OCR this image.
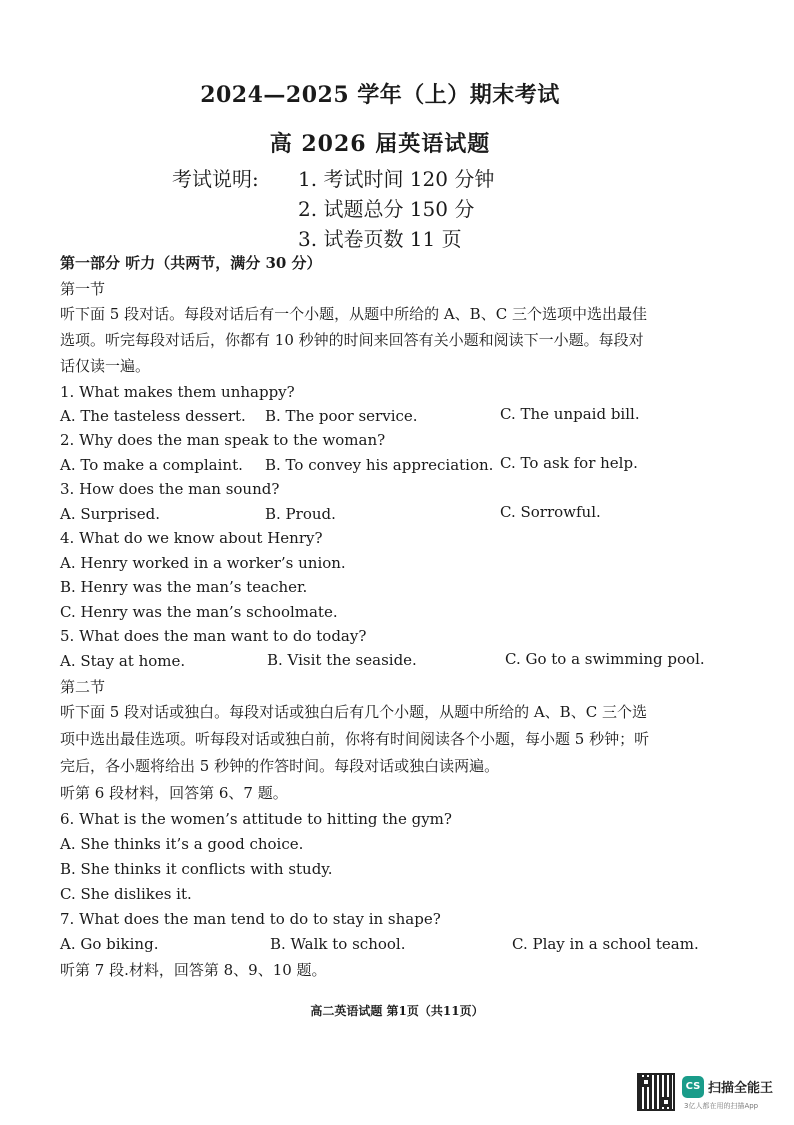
2024—2025 学年（上）期末考试
高 2026 届英语试题
考试说明: 1. 考试时间 120 分钟
2. 试题总分 150 分
3. 试卷页数 11 页
第一部分 听力（共两节，满分 30 分）
第一节
听下面 5 段对话。每段对话后有一个小题，从题中所给的 A、B、C 三个选项中选出最佳
选项。听完每段对话后，你都有 10 秒钟的时间来回答有关小题和阅读下一小题。每段对
话仅读一遍。
1. What makes them unhappy?
A. The tasteless dessert. B. The poor service.	C. The unpaid bill.
2. Why does the man speak to the woman?
A. To make a complaint. B. To convey his appreciation. C. To ask for help.
3. How does the man sound?
A. Surprised.	B. Proud.	C. Sorrowful.
4. What do we know about Henry?
A. Henry worked in a worker’s union.
B. Henry was the man’s teacher.
C. Henry was the man’s schoolmate.
5. What does the man want to do today?
A. Stay at home.	B. Visit the seaside.	C. Go to a swimming pool.
第二节
听下面 5 段对话或独白。每段对话或独白后有几个小题，从题中所给的 A、B、C 三个选
项中选出最佳选项。听每段对话或独白前，你将有时间阅读各个小题，每小题 5 秒钟；听
完后，各小题将给出 5 秒钟的作答时间。每段对话或独白读两遍。
听第 6 段材料，回答第 6、7 题。
6. What is the women’s attitude to hitting the gym?
A. She thinks it’s a good choice.
B. She thinks it conflicts with study.
C. She dislikes it.
7. What does the man tend to do to stay in shape?
A. Go biking.	B. Walk to school.	C. Play in a school team.
听第 7 段.材料，回答第 8、9、10 题。
高二英语试题 第1页（共11页）
CS 扫描全能王
3亿人都在用的扫描App
